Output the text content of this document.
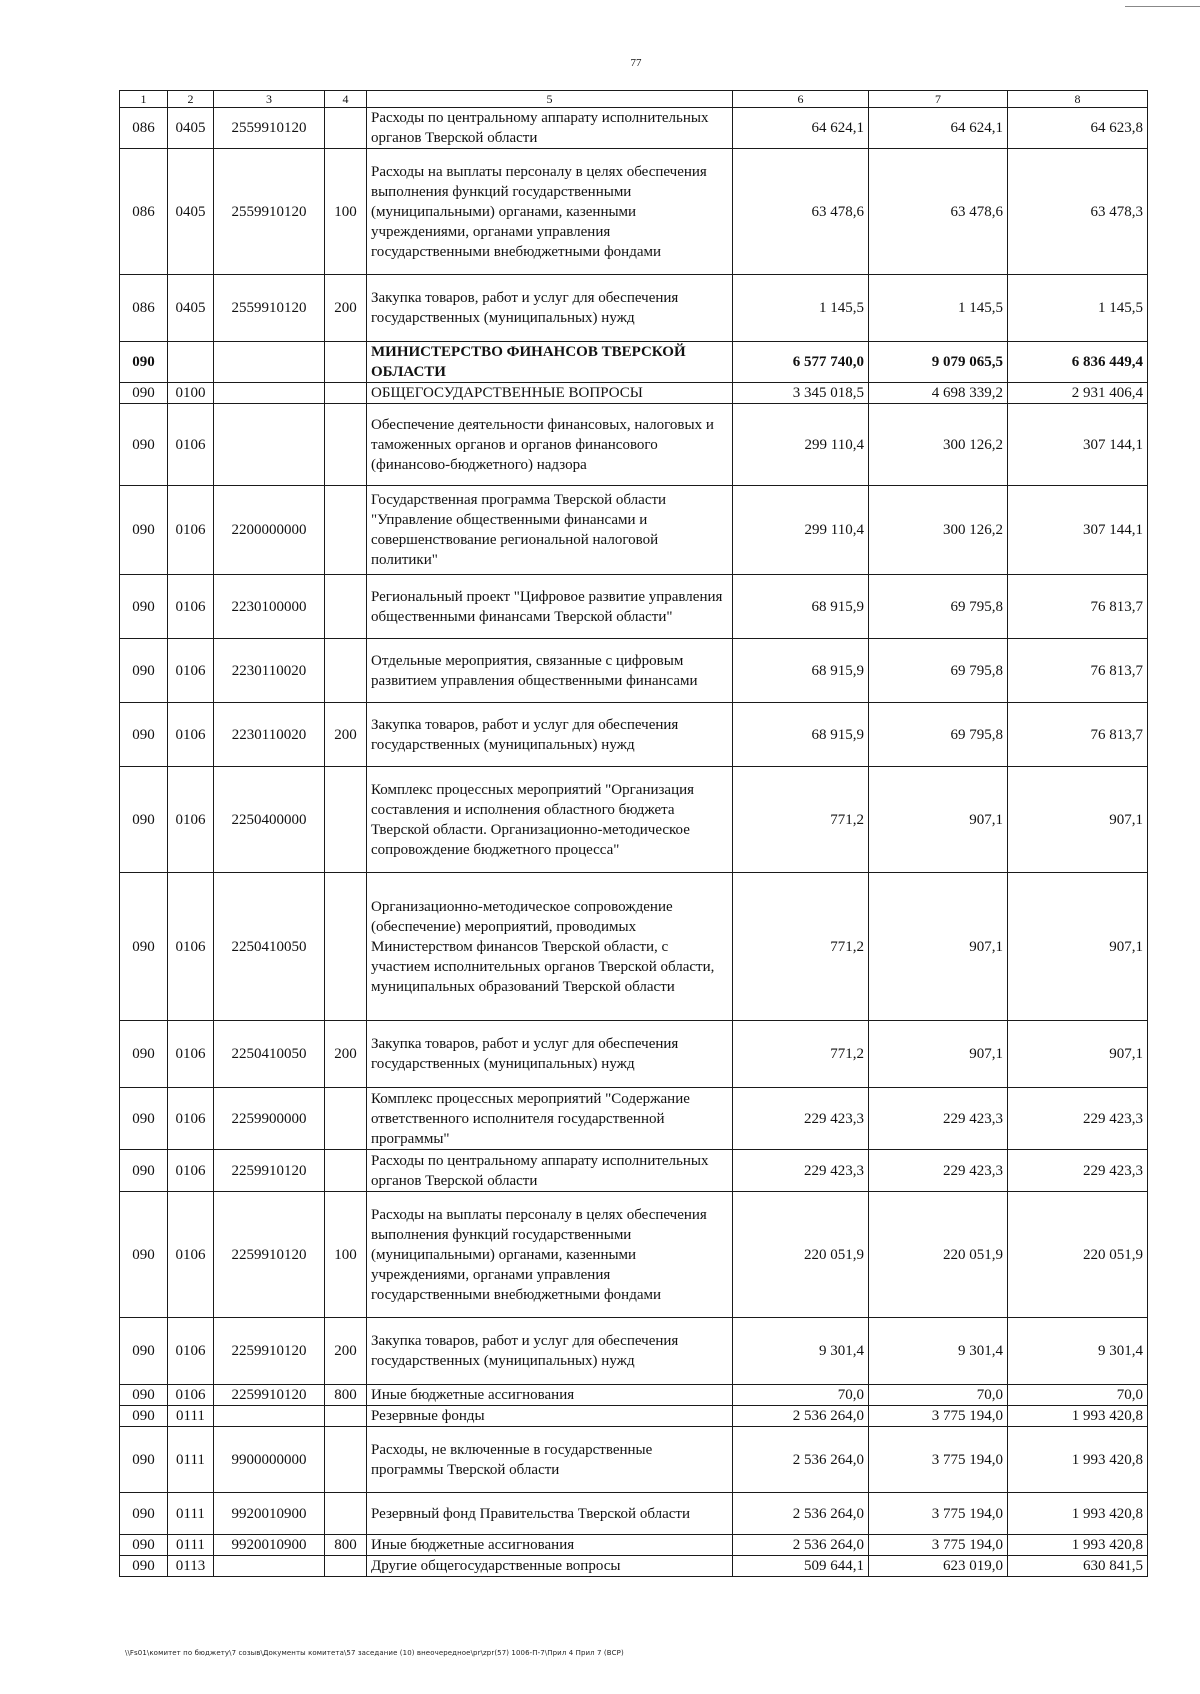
77
1	2	3	4	5	6	7	8
086	0405	2559910120		Расходы по центральному аппарату исполнительных органов Тверской области	64 624,1	64 624,1	64 623,8
086	0405	2559910120	100	Расходы на выплаты персоналу в целях обеспечения выполнения функций государственными (муниципальными) органами, казенными учреждениями, органами управления государственными внебюджетными фондами	63 478,6	63 478,6	63 478,3
086	0405	2559910120	200	Закупка товаров, работ и услуг для обеспечения государственных (муниципальных) нужд	1 145,5	1 145,5	1 145,5
090				МИНИСТЕРСТВО ФИНАНСОВ ТВЕРСКОЙ ОБЛАСТИ	6 577 740,0	9 079 065,5	6 836 449,4
090	0100			ОБЩЕГОСУДАРСТВЕННЫЕ ВОПРОСЫ	3 345 018,5	4 698 339,2	2 931 406,4
090	0106			Обеспечение деятельности финансовых, налоговых и таможенных органов и органов финансового (финансово-бюджетного) надзора	299 110,4	300 126,2	307 144,1
090	0106	2200000000		Государственная программа Тверской области "Управление общественными финансами и совершенствование региональной налоговой политики"	299 110,4	300 126,2	307 144,1
090	0106	2230100000		Региональный проект "Цифровое развитие управления общественными финансами Тверской области"	68 915,9	69 795,8	76 813,7
090	0106	2230110020		Отдельные мероприятия, связанные с цифровым развитием управления общественными финансами	68 915,9	69 795,8	76 813,7
090	0106	2230110020	200	Закупка товаров, работ и услуг для обеспечения государственных (муниципальных) нужд	68 915,9	69 795,8	76 813,7
090	0106	2250400000		Комплекс процессных мероприятий "Организация составления и исполнения областного бюджета Тверской области. Организационно-методическое сопровождение бюджетного процесса"	771,2	907,1	907,1
090	0106	2250410050		Организационно-методическое сопровождение (обеспечение) мероприятий, проводимых Министерством финансов Тверской области, с участием исполнительных органов Тверской области, муниципальных образований Тверской области	771,2	907,1	907,1
090	0106	2250410050	200	Закупка товаров, работ и услуг для обеспечения государственных (муниципальных) нужд	771,2	907,1	907,1
090	0106	2259900000		Комплекс процессных мероприятий "Содержание ответственного исполнителя государственной программы"	229 423,3	229 423,3	229 423,3
090	0106	2259910120		Расходы по центральному аппарату исполнительных органов Тверской области	229 423,3	229 423,3	229 423,3
090	0106	2259910120	100	Расходы на выплаты персоналу в целях обеспечения выполнения функций государственными (муниципальными) органами, казенными учреждениями, органами управления государственными внебюджетными фондами	220 051,9	220 051,9	220 051,9
090	0106	2259910120	200	Закупка товаров, работ и услуг для обеспечения государственных (муниципальных) нужд	9 301,4	9 301,4	9 301,4
090	0106	2259910120	800	Иные бюджетные ассигнования	70,0	70,0	70,0
090	0111			Резервные фонды	2 536 264,0	3 775 194,0	1 993 420,8
090	0111	9900000000		Расходы, не включенные в государственные программы Тверской области	2 536 264,0	3 775 194,0	1 993 420,8
090	0111	9920010900		Резервный фонд Правительства Тверской области	2 536 264,0	3 775 194,0	1 993 420,8
090	0111	9920010900	800	Иные бюджетные ассигнования	2 536 264,0	3 775 194,0	1 993 420,8
090	0113			Другие общегосударственные вопросы	509 644,1	623 019,0	630 841,5
\\Fs01\комитет по бюджету\7 созыв\Документы комитета\57 заседание (10) внеочередное\pr\zpr(57) 1006-П-7\Прил 4 Прил 7 (ВСР)
